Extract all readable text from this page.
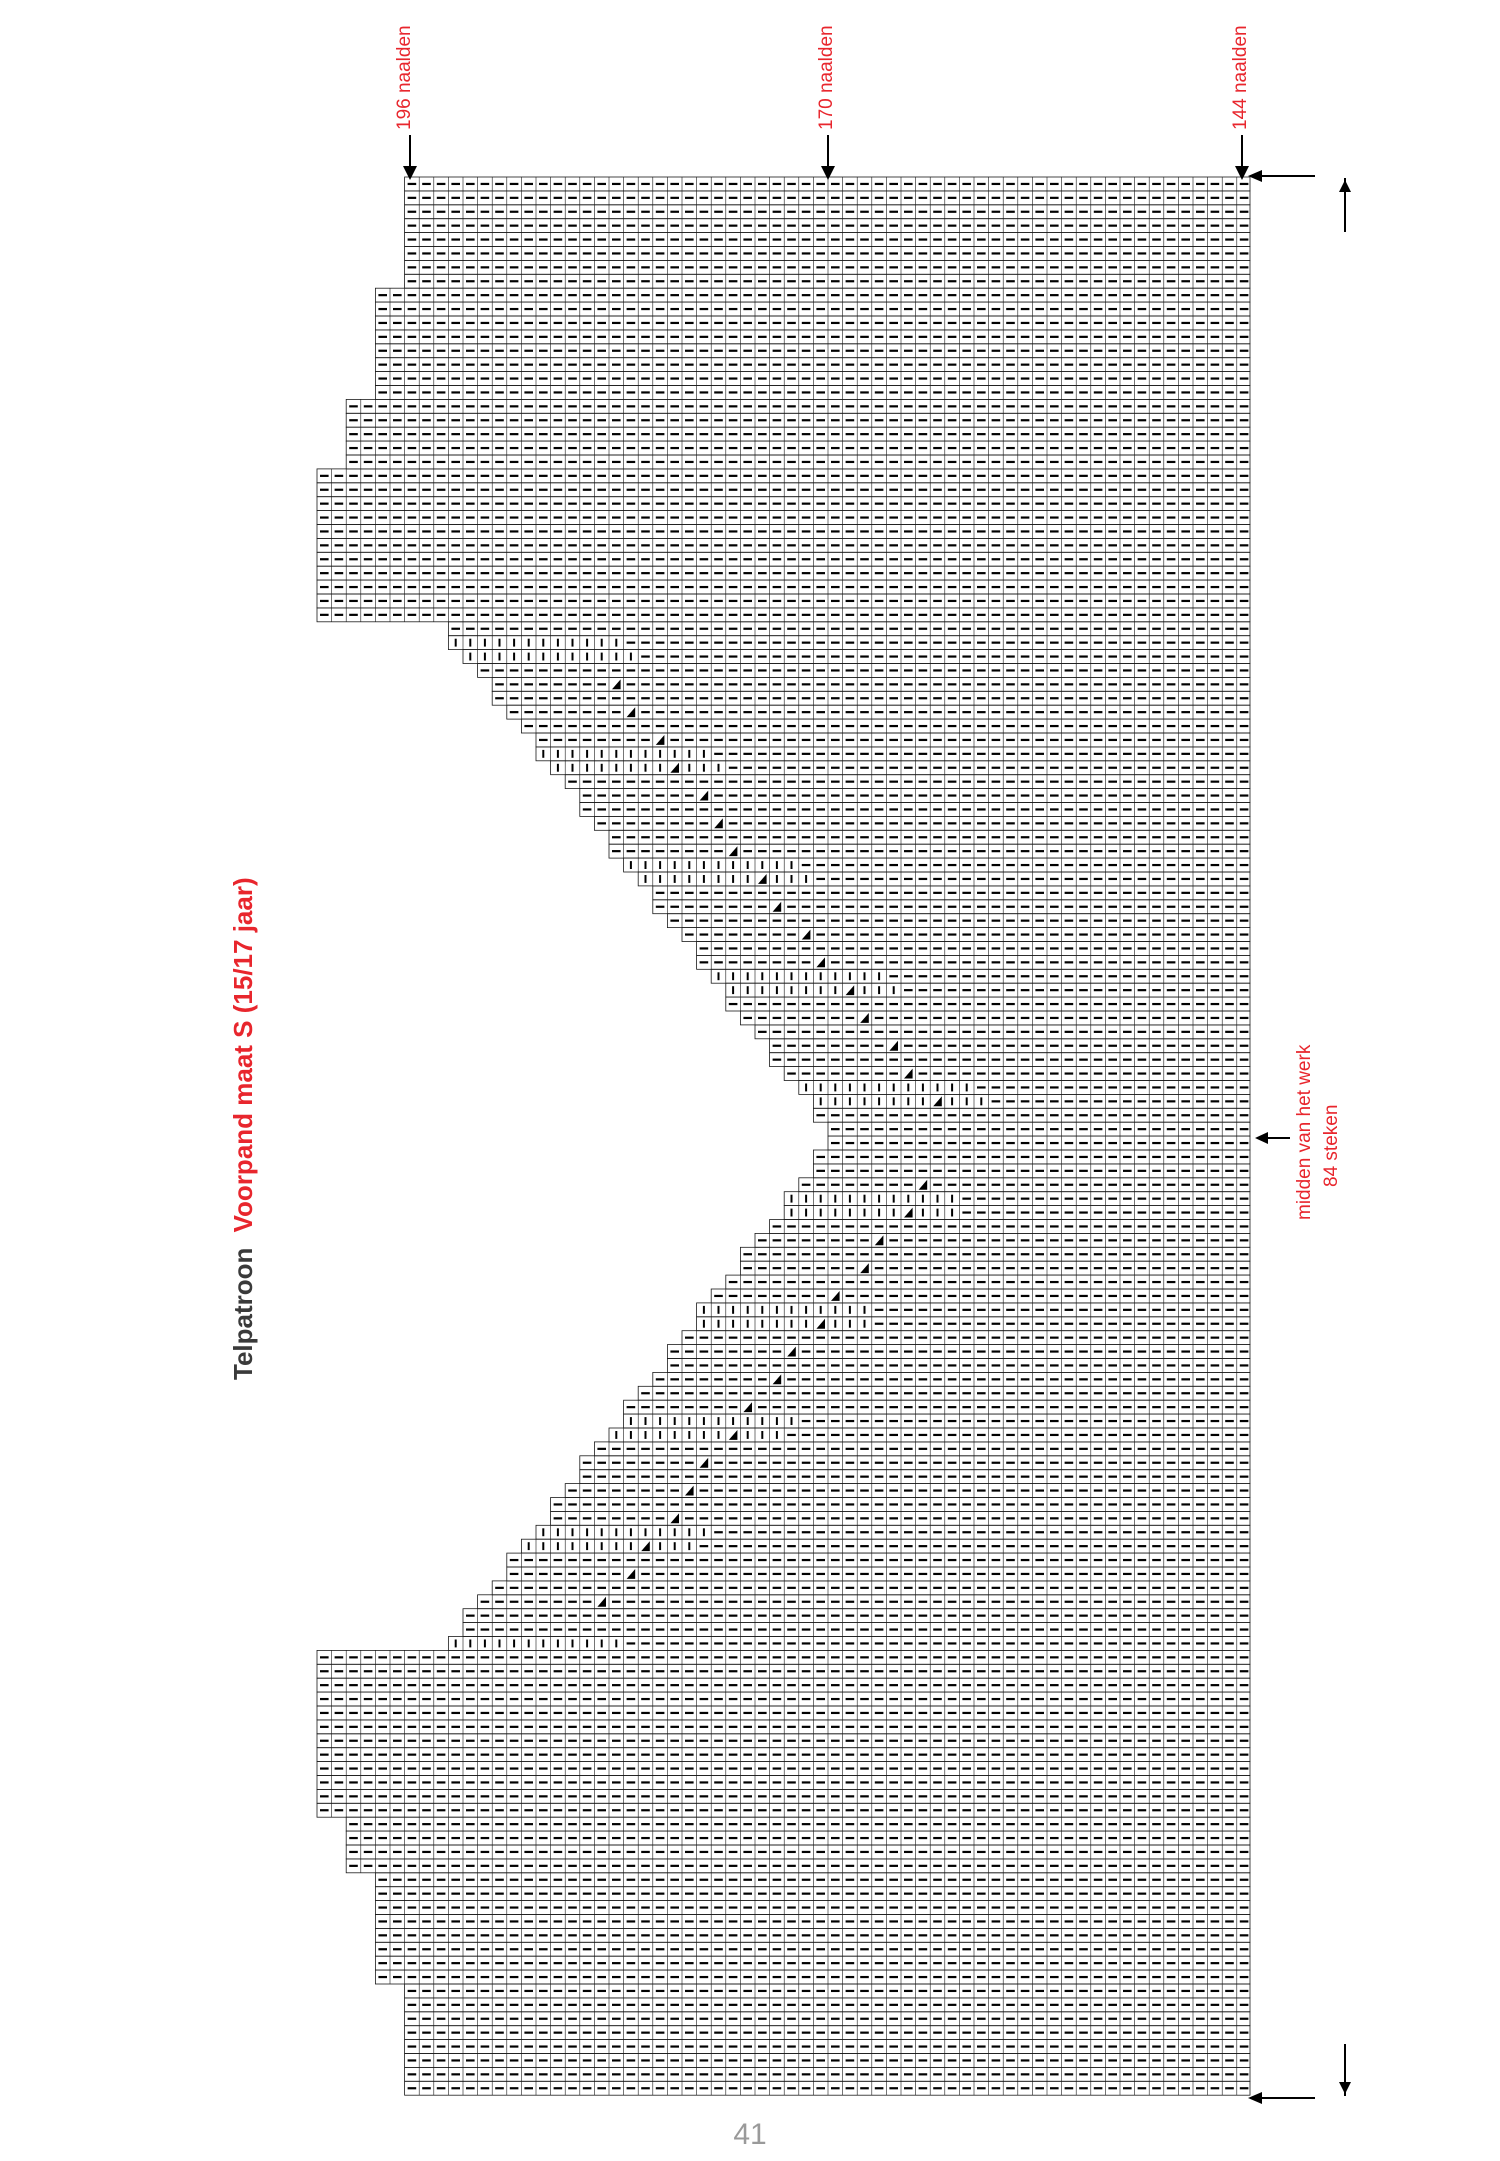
Telpatroon Voorpand maat S (15/17 jaar)
196 naalden	170 naalden	144 naalden
midden van het werk 84 steken
41
